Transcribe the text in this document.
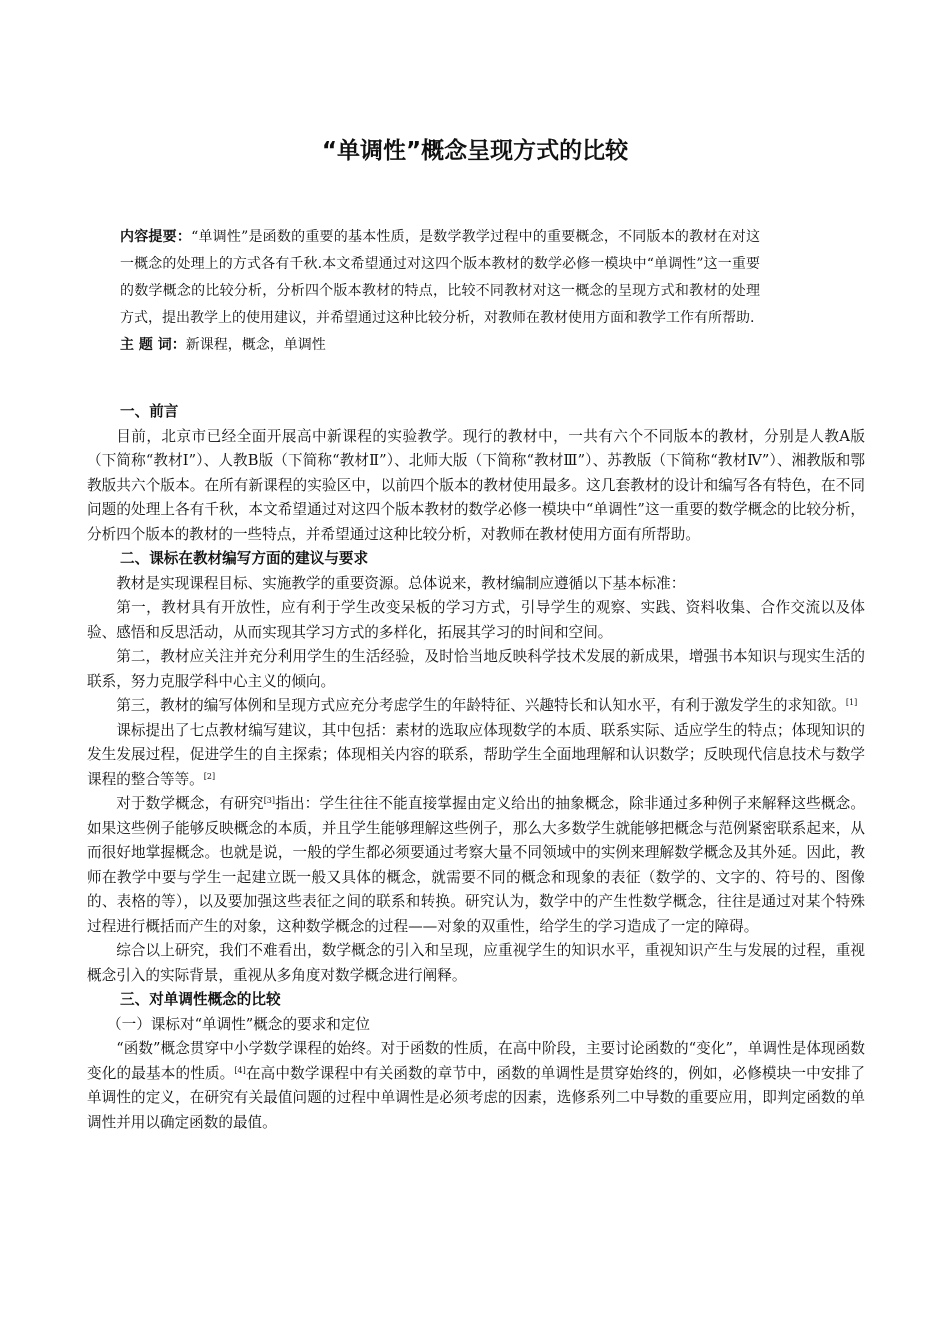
“单调性”概念呈现方式的比较
内容提要：“单调性”是函数的重要的基本性质，是数学教学过程中的重要概念，不同版本的教材在对这一概念的处理上的方式各有千秋.本文希望通过对这四个版本教材的数学必修一模块中“单调性”这一重要的数学概念的比较分析，分析四个版本教材的特点，比较不同教材对这一概念的呈现方式和教材的处理方式，提出教学上的使用建议，并希望通过这种比较分析，对教师在教材使用方面和教学工作有所帮助.
主 题 词：新课程，概念，单调性
一、前言

目前，北京市已经全面开展高中新课程的实验教学。现行的教材中，一共有六个不同版本的教材，分别是人教A版（下简称“教材Ⅰ”）、人教B版（下简称“教材Ⅱ”）、北师大版（下简称“教材Ⅲ”）、苏教版（下简称“教材Ⅳ”）、湘教版和鄂教版共六个版本。在所有新课程的实验区中，以前四个版本的教材使用最多。这几套教材的设计和编写各有特色，在不同问题的处理上各有千秋，本文希望通过对这四个版本教材的数学必修一模块中“单调性”这一重要的数学概念的比较分析，分析四个版本的教材的一些特点，并希望通过这种比较分析，对教师在教材使用方面有所帮助。

二、课标在教材编写方面的建议与要求

教材是实现课程目标、实施教学的重要资源。总体说来，教材编制应遵循以下基本标准：

第一，教材具有开放性，应有利于学生改变呆板的学习方式，引导学生的观察、实践、资料收集、合作交流以及体验、感悟和反思活动，从而实现其学习方式的多样化，拓展其学习的时间和空间。

第二，教材应关注并充分利用学生的生活经验，及时恰当地反映科学技术发展的新成果，增强书本知识与现实生活的联系，努力克服学科中心主义的倾向。

第三，教材的编写体例和呈现方式应充分考虑学生的年龄特征、兴趣特长和认知水平，有利于激发学生的求知欲。[1]

课标提出了七点教材编写建议，其中包括：素材的选取应体现数学的本质、联系实际、适应学生的特点；体现知识的发生发展过程，促进学生的自主探索；体现相关内容的联系，帮助学生全面地理解和认识数学；反映现代信息技术与数学课程的整合等等。[2]

对于数学概念，有研究[3]指出：学生往往不能直接掌握由定义给出的抽象概念，除非通过多种例子来解释这些概念。如果这些例子能够反映概念的本质，并且学生能够理解这些例子，那么大多数学生就能够把概念与范例紧密联系起来，从而很好地掌握概念。也就是说，一般的学生都必须要通过考察大量不同领域中的实例来理解数学概念及其外延。因此，教师在教学中要与学生一起建立既一般又具体的概念，就需要不同的概念和现象的表征（数学的、文字的、符号的、图像的、表格的等），以及要加强这些表征之间的联系和转换。研究认为，数学中的产生性数学概念，往往是通过对某个特殊过程进行概括而产生的对象，这种数学概念的过程——对象的双重性，给学生的学习造成了一定的障碍。

综合以上研究，我们不难看出，数学概念的引入和呈现，应重视学生的知识水平，重视知识产生与发展的过程，重视概念引入的实际背景，重视从多角度对数学概念进行阐释。

三、对单调性概念的比较
（一）课标对“单调性”概念的要求和定位

“函数”概念贯穿中小学数学课程的始终。对于函数的性质，在高中阶段，主要讨论函数的“变化”，单调性是体现函数变化的最基本的性质。[4]在高中数学课程中有关函数的章节中，函数的单调性是贯穿始终的，例如，必修模块一中安排了单调性的定义，在研究有关最值问题的过程中单调性是必须考虑的因素，选修系列二中导数的重要应用，即判定函数的单调性并用以确定函数的最值。
